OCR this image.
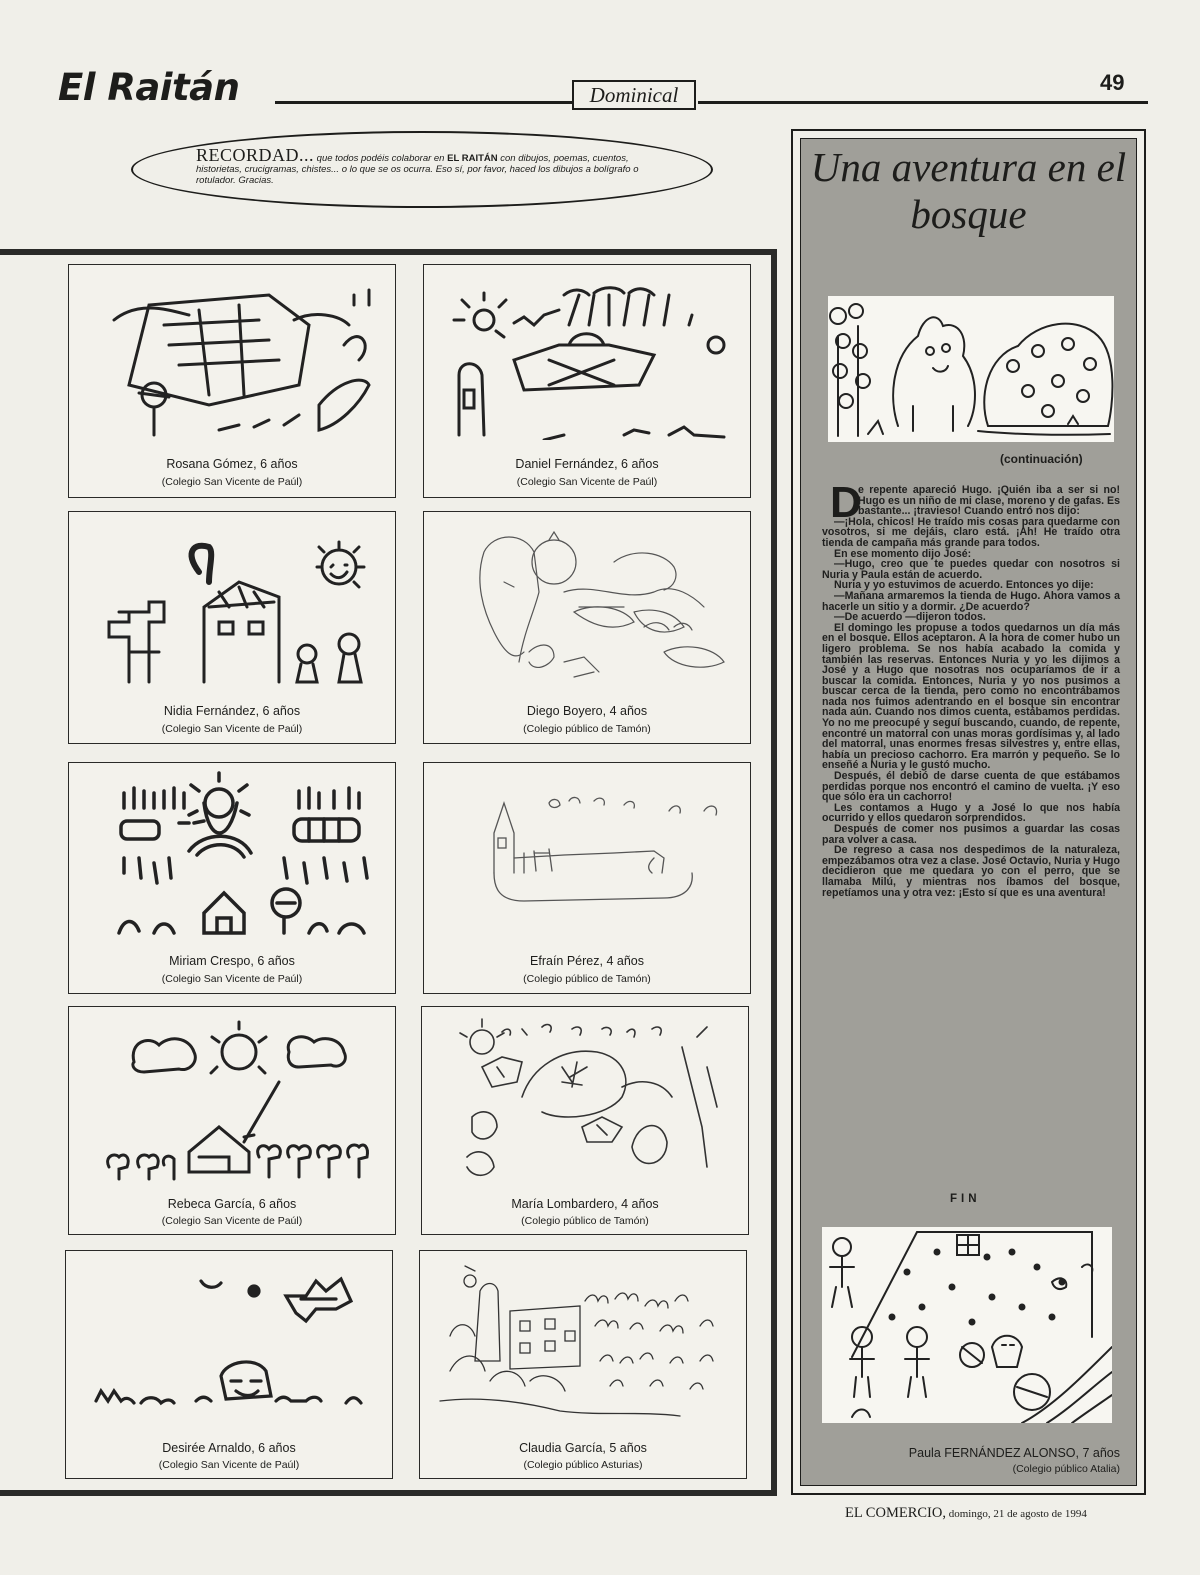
El Raitán	Dominical	49
RECORDAD... que todos podéis colaborar en EL RAITÁN con dibujos, poemas, cuentos, historietas, crucigramas, chistes... o lo que se os ocurra. Eso sí, por favor, haced los dibujos a bolígrafo o rotulador. Gracias.
Rosana Gómez, 6 años
(Colegio San Vicente de Paúl)
Daniel Fernández, 6 años
(Colegio San Vicente de Paúl)
Nidia Fernández, 6 años
(Colegio San Vicente de Paúl)
Diego Boyero, 4 años
(Colegio público de Tamón)
Miriam Crespo, 6 años
(Colegio San Vicente de Paúl)
Efraín Pérez, 4 años
(Colegio público de Tamón)
Rebeca García, 6 años
(Colegio San Vicente de Paúl)
María Lombardero, 4 años
(Colegio público de Tamón)
Desirée Arnaldo, 6 años
(Colegio San Vicente de Paúl)
Claudia García, 5 años
(Colegio público Asturias)
Una aventura en el bosque
(continuación)
D

e repente apareció Hugo. ¡Quién iba a ser si no! Hugo es un niño de mi clase, moreno y de gafas. Es bastante... ¡travieso! Cuando entró nos dijo:

—¡Hola, chicos! He traído mis cosas para quedarme con vosotros, si me dejáis, claro está. ¡Ah! He traído otra tienda de campaña más grande para todos.

En ese momento dijo José:

—Hugo, creo que te puedes quedar con nosotros si Nuria y Paula están de acuerdo.

Nuria y yo estuvimos de acuerdo. Entonces yo dije:

—Mañana armaremos la tienda de Hugo. Ahora vamos a hacerle un sitio y a dormir. ¿De acuerdo?

—De acuerdo —dijeron todos.

El domingo les propuse a todos quedarnos un día más en el bosque. Ellos aceptaron. A la hora de comer hubo un ligero problema. Se nos había acabado la comida y también las reservas. Entonces Nuria y yo les dijimos a José y a Hugo que nosotras nos ocuparíamos de ir a buscar la comida. Entonces, Nuria y yo nos pusimos a buscar cerca de la tienda, pero como no encontrábamos nada nos fuimos adentrando en el bosque sin encontrar nada aún. Cuando nos dimos cuenta, estábamos perdidas. Yo no me preocupé y seguí buscando, cuando, de repente, encontré un matorral con unas moras gordísimas y, al lado del matorral, unas enormes fresas silvestres y, entre ellas, había un precioso cachorro. Era marrón y pequeño. Se lo enseñé a Nuria y le gustó mucho.

Después, él debió de darse cuenta de que estábamos perdidas porque nos encontró el camino de vuelta. ¡Y eso que sólo era un cachorro!

Les contamos a Hugo y a José lo que nos había ocurrido y ellos quedaron sorprendidos.

Después de comer nos pusimos a guardar las cosas para volver a casa.

De regreso a casa nos despedimos de la naturaleza, empezábamos otra vez a clase. José Octavio, Nuria y Hugo decidieron que me quedara yo con el perro, que se llamaba Milú, y mientras nos íbamos del bosque, repetíamos una y otra vez: ¡Esto sí que es una aventura!

FIN
Paula FERNÁNDEZ ALONSO, 7 años
(Colegio público Atalia)
EL COMERCIO, domingo, 21 de agosto de 1994
